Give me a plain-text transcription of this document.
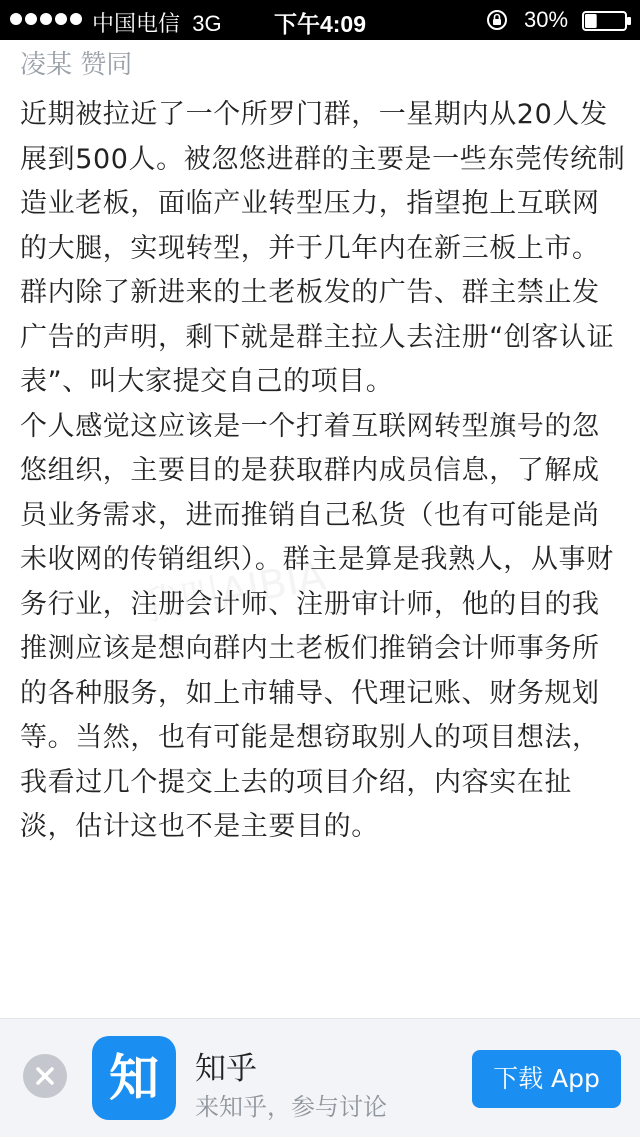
中国电信 3G	下午4:09	30%
凌某 赞同

近期被拉近了一个所罗门群，一星期内从20人发展到500人。被忽悠进群的主要是一些东莞传统制造业老板，面临产业转型压力，指望抱上互联网的大腿，实现转型，并于几年内在新三板上市。群内除了新进来的土老板发的广告、群主禁止发广告的声明，剩下就是群主拉人去注册“创客认证表”、叫大家提交自己的项目。

个人感觉这应该是一个打着互联网转型旗号的忽悠组织，主要目的是获取群内成员信息，了解成员业务需求，进而推销自己私货（也有可能是尚未收网的传销组织）。群主是算是我熟人，从事财务行业，注册会计师、注册审计师，他的目的我推测应该是想向群内土老板们推销会计师事务所的各种服务，如上市辅导、代理记账、财务规划等。当然，也有可能是想窃取别人的项目想法，我看过几个提交上去的项目介绍，内容实在扯淡，估计这也不是主要目的。

知	知乎
来知乎，参与讨论
下载 App
